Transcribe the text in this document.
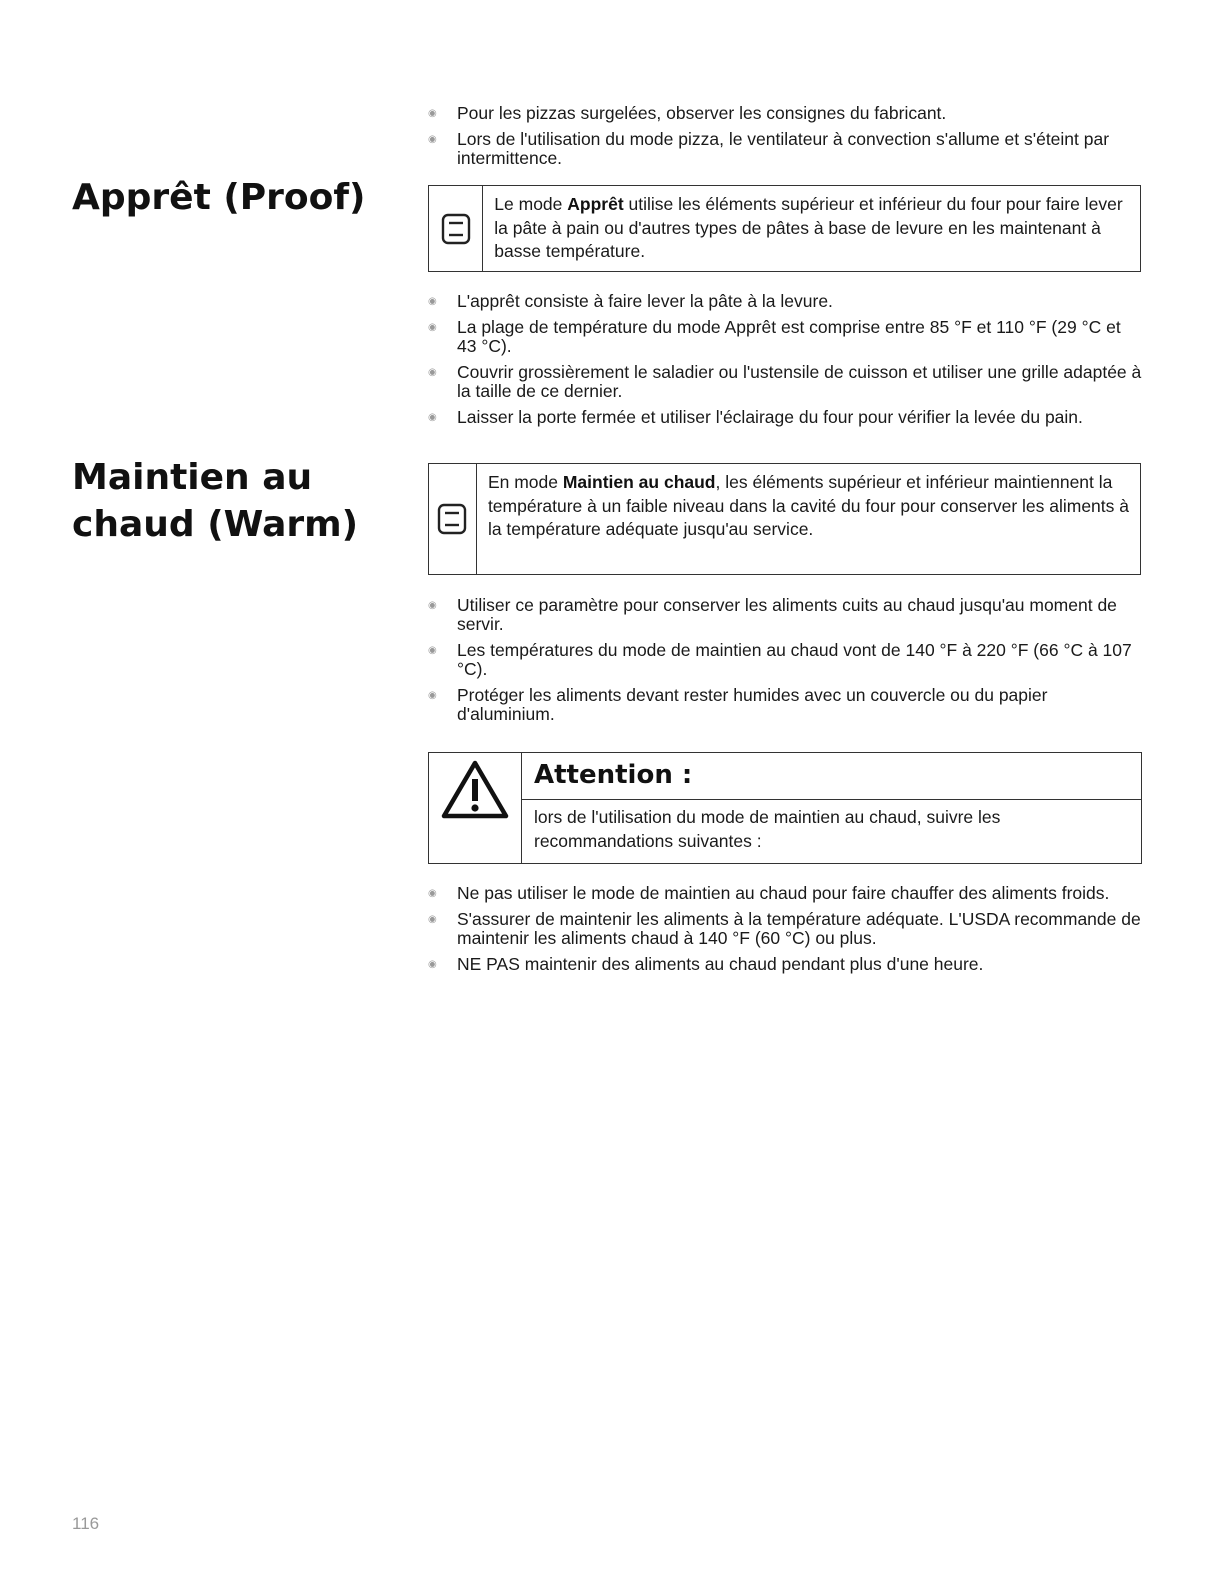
◉ Pour les pizzas surgelées, observer les consignes du fabricant.
◉ Lors de l'utilisation du mode pizza, le ventilateur à convection s'allume et s'éteint par intermittence.
Apprêt (Proof)	Le mode Apprêt utilise les éléments supérieur et inférieur du four pour faire lever la pâte à pain ou d'autres types de pâtes à base de levure en les maintenant à basse température.
◉ L'apprêt consiste à faire lever la pâte à la levure.
◉ La plage de température du mode Apprêt est comprise entre 85 °F et 110 °F (29 °C et 43 °C).
◉ Couvrir grossièrement le saladier ou l'ustensile de cuisson et utiliser une grille adaptée à la taille de ce dernier.
◉ Laisser la porte fermée et utiliser l'éclairage du four pour vérifier la levée du pain.
Maintien au
chaud (Warm)
En mode Maintien au chaud, les éléments supérieur et inférieur maintiennent la température à un faible niveau dans la cavité du four pour conserver les aliments à la température adéquate jusqu'au service.
◉ Utiliser ce paramètre pour conserver les aliments cuits au chaud jusqu'au moment de servir.
◉ Les températures du mode de maintien au chaud vont de 140 °F à 220 °F (66 °C à 107 °C).
◉ Protéger les aliments devant rester humides avec un couvercle ou du papier d'aluminium.
Attention :
lors de l'utilisation du mode de maintien au chaud, suivre les recommandations suivantes :
◉ Ne pas utiliser le mode de maintien au chaud pour faire chauffer des aliments froids.
◉ S'assurer de maintenir les aliments à la température adéquate. L'USDA recommande de maintenir les aliments chaud à 140 °F (60 °C) ou plus.
◉ NE PAS maintenir des aliments au chaud pendant plus d'une heure.
116
